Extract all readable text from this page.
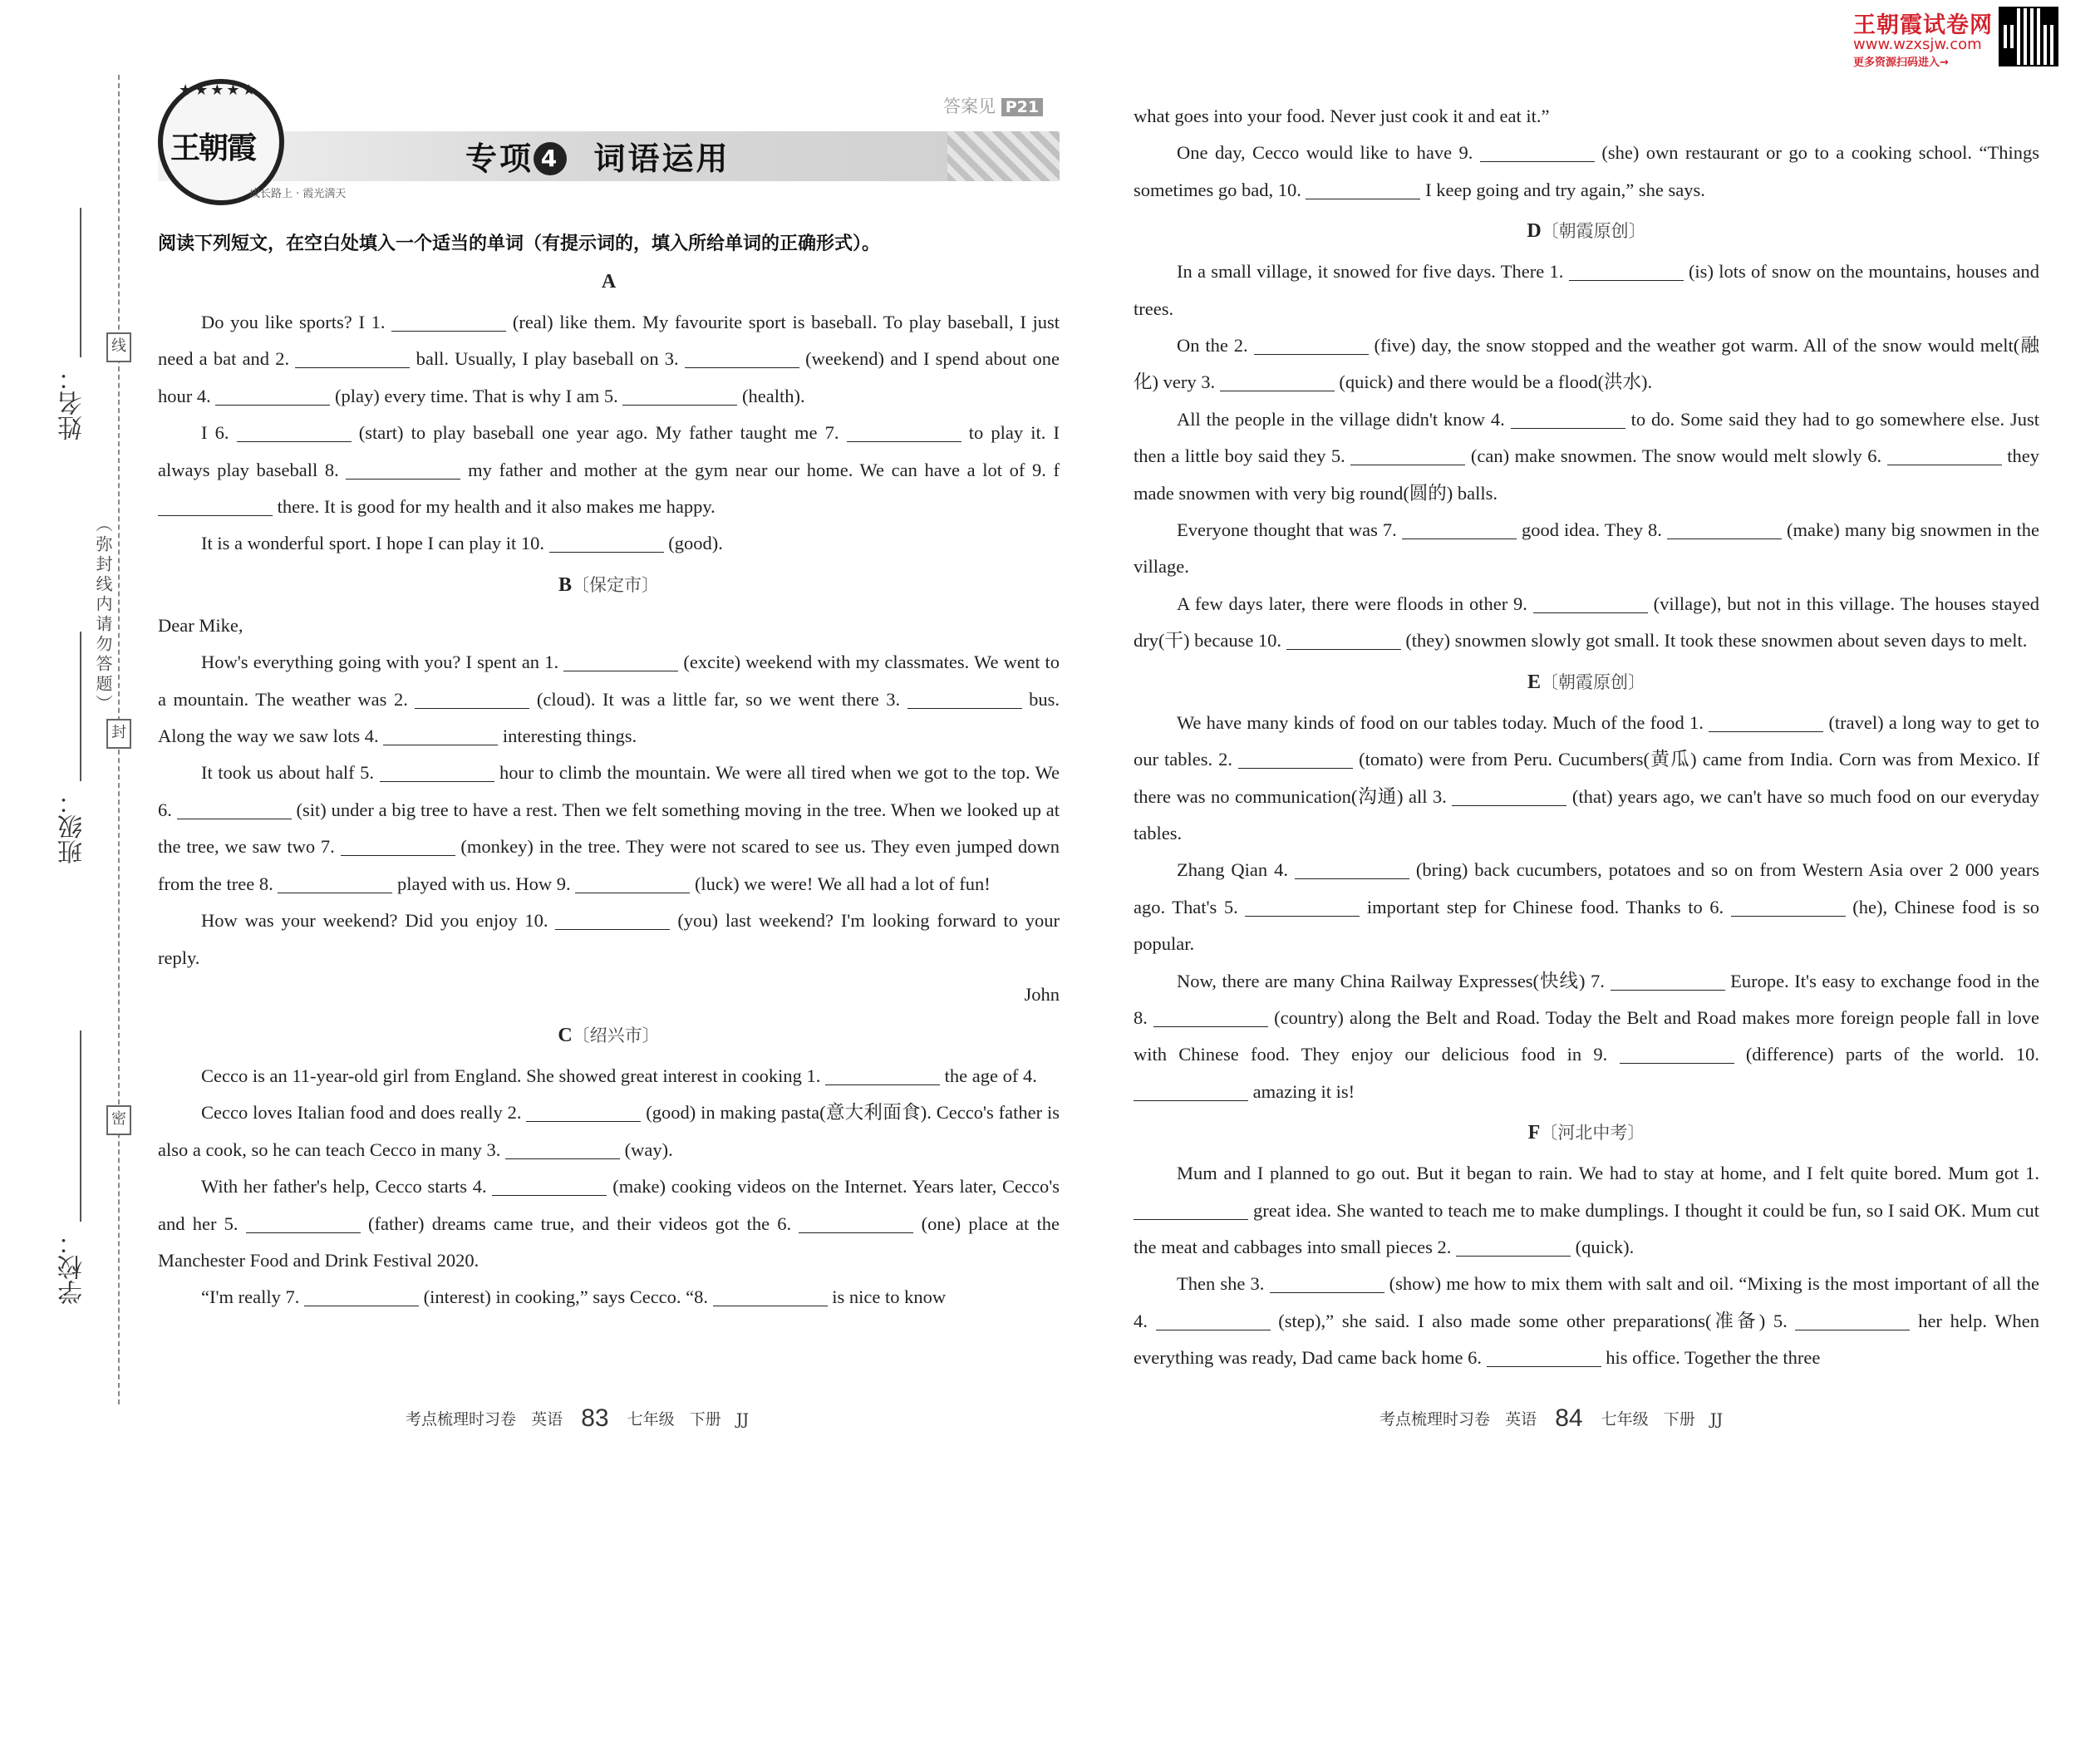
姓名：
班级：
学校：
线
封
密
（弥封线内请勿答题）
王朝霞试卷网
www.wzxsjw.com
更多资源扫码进入→
★★★★★
王朝霞
成长路上 · 霞光满天
答案见 P21
专项 4 词语运用
阅读下列短文，在空白处填入一个适当的单词（有提示词的，填入所给单词的正确形式）。

A

Do you like sports? I 1.	(real) like them. My favourite sport is baseball. To play baseball, I just need a bat and 2.	ball. Usually, I play baseball on 3.	(weekend) and I spend about one hour 4.	(play) every time. That is why I am 5.	(health).

I 6.	(start) to play baseball one year ago. My father taught me 7.	to play it. I always play baseball 8.	my father and mother at the gym near our home. We can have a lot of 9. f  there. It is good for my health and it also makes me happy.

It is a wonderful sport. I hope I can play it 10.	(good).

B〔保定市〕

Dear Mike,

How's everything going with you? I spent an 1.	(excite) weekend with my classmates. We went to a mountain. The weather was 2.	(cloud). It was a little far, so we went there 3.	bus. Along the way we saw lots 4.	interesting things.

It took us about half 5.	hour to climb the mountain. We were all tired when we got to the top. We 6.	(sit) under a big tree to have a rest. Then we felt something moving in the tree. When we looked up at the tree, we saw two 7.	(monkey) in the tree. They were not scared to see us. They even jumped down from the tree 8.	played with us. How 9.	(luck) we were! We all had a lot of fun!

How was your weekend? Did you enjoy 10.	(you) last weekend? I'm looking forward to your reply.

John

C〔绍兴市〕

Cecco is an 11-year-old girl from England. She showed great interest in cooking 1.	the age of 4.

Cecco loves Italian food and does really 2.	(good) in making pasta(意大利面食). Cecco's father is also a cook, so he can teach Cecco in many 3.	(way).

With her father's help, Cecco starts 4.	(make) cooking videos on the Internet. Years later, Cecco's and her 5.	(father) dreams came true, and their videos got the 6.	(one) place at the Manchester Food and Drink Festival 2020.

“I'm really 7.	(interest) in cooking,” says Cecco. “8.	is nice to know

what goes into your food. Never just cook it and eat it.”

One day, Cecco would like to have 9.	(she) own restaurant or go to a cooking school. “Things sometimes go bad, 10.	I keep going and try again,” she says.

D〔朝霞原创〕

In a small village, it snowed for five days. There 1.	(is) lots of snow on the mountains, houses and trees.

On the 2.	(five) day, the snow stopped and the weather got warm. All of the snow would melt(融化) very 3.	(quick) and there would be a flood(洪水).

All the people in the village didn't know 4.	to do. Some said they had to go somewhere else. Just then a little boy said they 5.	(can) make snowmen. The snow would melt slowly 6.	they made snowmen with very big round(圆的) balls.

Everyone thought that was 7.	good idea. They 8.	(make) many big snowmen in the village.

A few days later, there were floods in other 9.	(village), but not in this village. The houses stayed dry(干) because 10.	(they) snowmen slowly got small. It took these snowmen about seven days to melt.

E〔朝霞原创〕

We have many kinds of food on our tables today. Much of the food 1.	(travel) a long way to get to our tables. 2.	(tomato) were from Peru. Cucumbers(黄瓜) came from India. Corn was from Mexico. If there was no communication(沟通) all 3.	(that) years ago, we can't have so much food on our everyday tables.

Zhang Qian 4.	(bring) back cucumbers, potatoes and so on from Western Asia over 2 000 years ago. That's 5.	important step for Chinese food. Thanks to 6.	(he), Chinese food is so popular.

Now, there are many China Railway Expresses(快线) 7.	Europe. It's easy to exchange food in the 8.	(country) along the Belt and Road. Today the Belt and Road makes more foreign people fall in love with Chinese food. They enjoy our delicious food in 9.	(difference) parts of the world. 10.  amazing it is!

F〔河北中考〕

Mum and I planned to go out. But it began to rain. We had to stay at home, and I felt quite bored. Mum got 1.  great idea. She wanted to teach me to make dumplings. I thought it could be fun, so I said OK. Mum cut the meat and cabbages into small pieces 2.	(quick).

Then she 3.	(show) me how to mix them with salt and oil. “Mixing is the most important of all the 4.	(step),” she said. I also made some other preparations(准备) 5.	her help. When everything was ready, Dad came back home 6.	his office. Together the three

考点梳理时习卷 英语 83 七年级 下册 JJ	考点梳理时习卷 英语 84 七年级 下册 JJ
